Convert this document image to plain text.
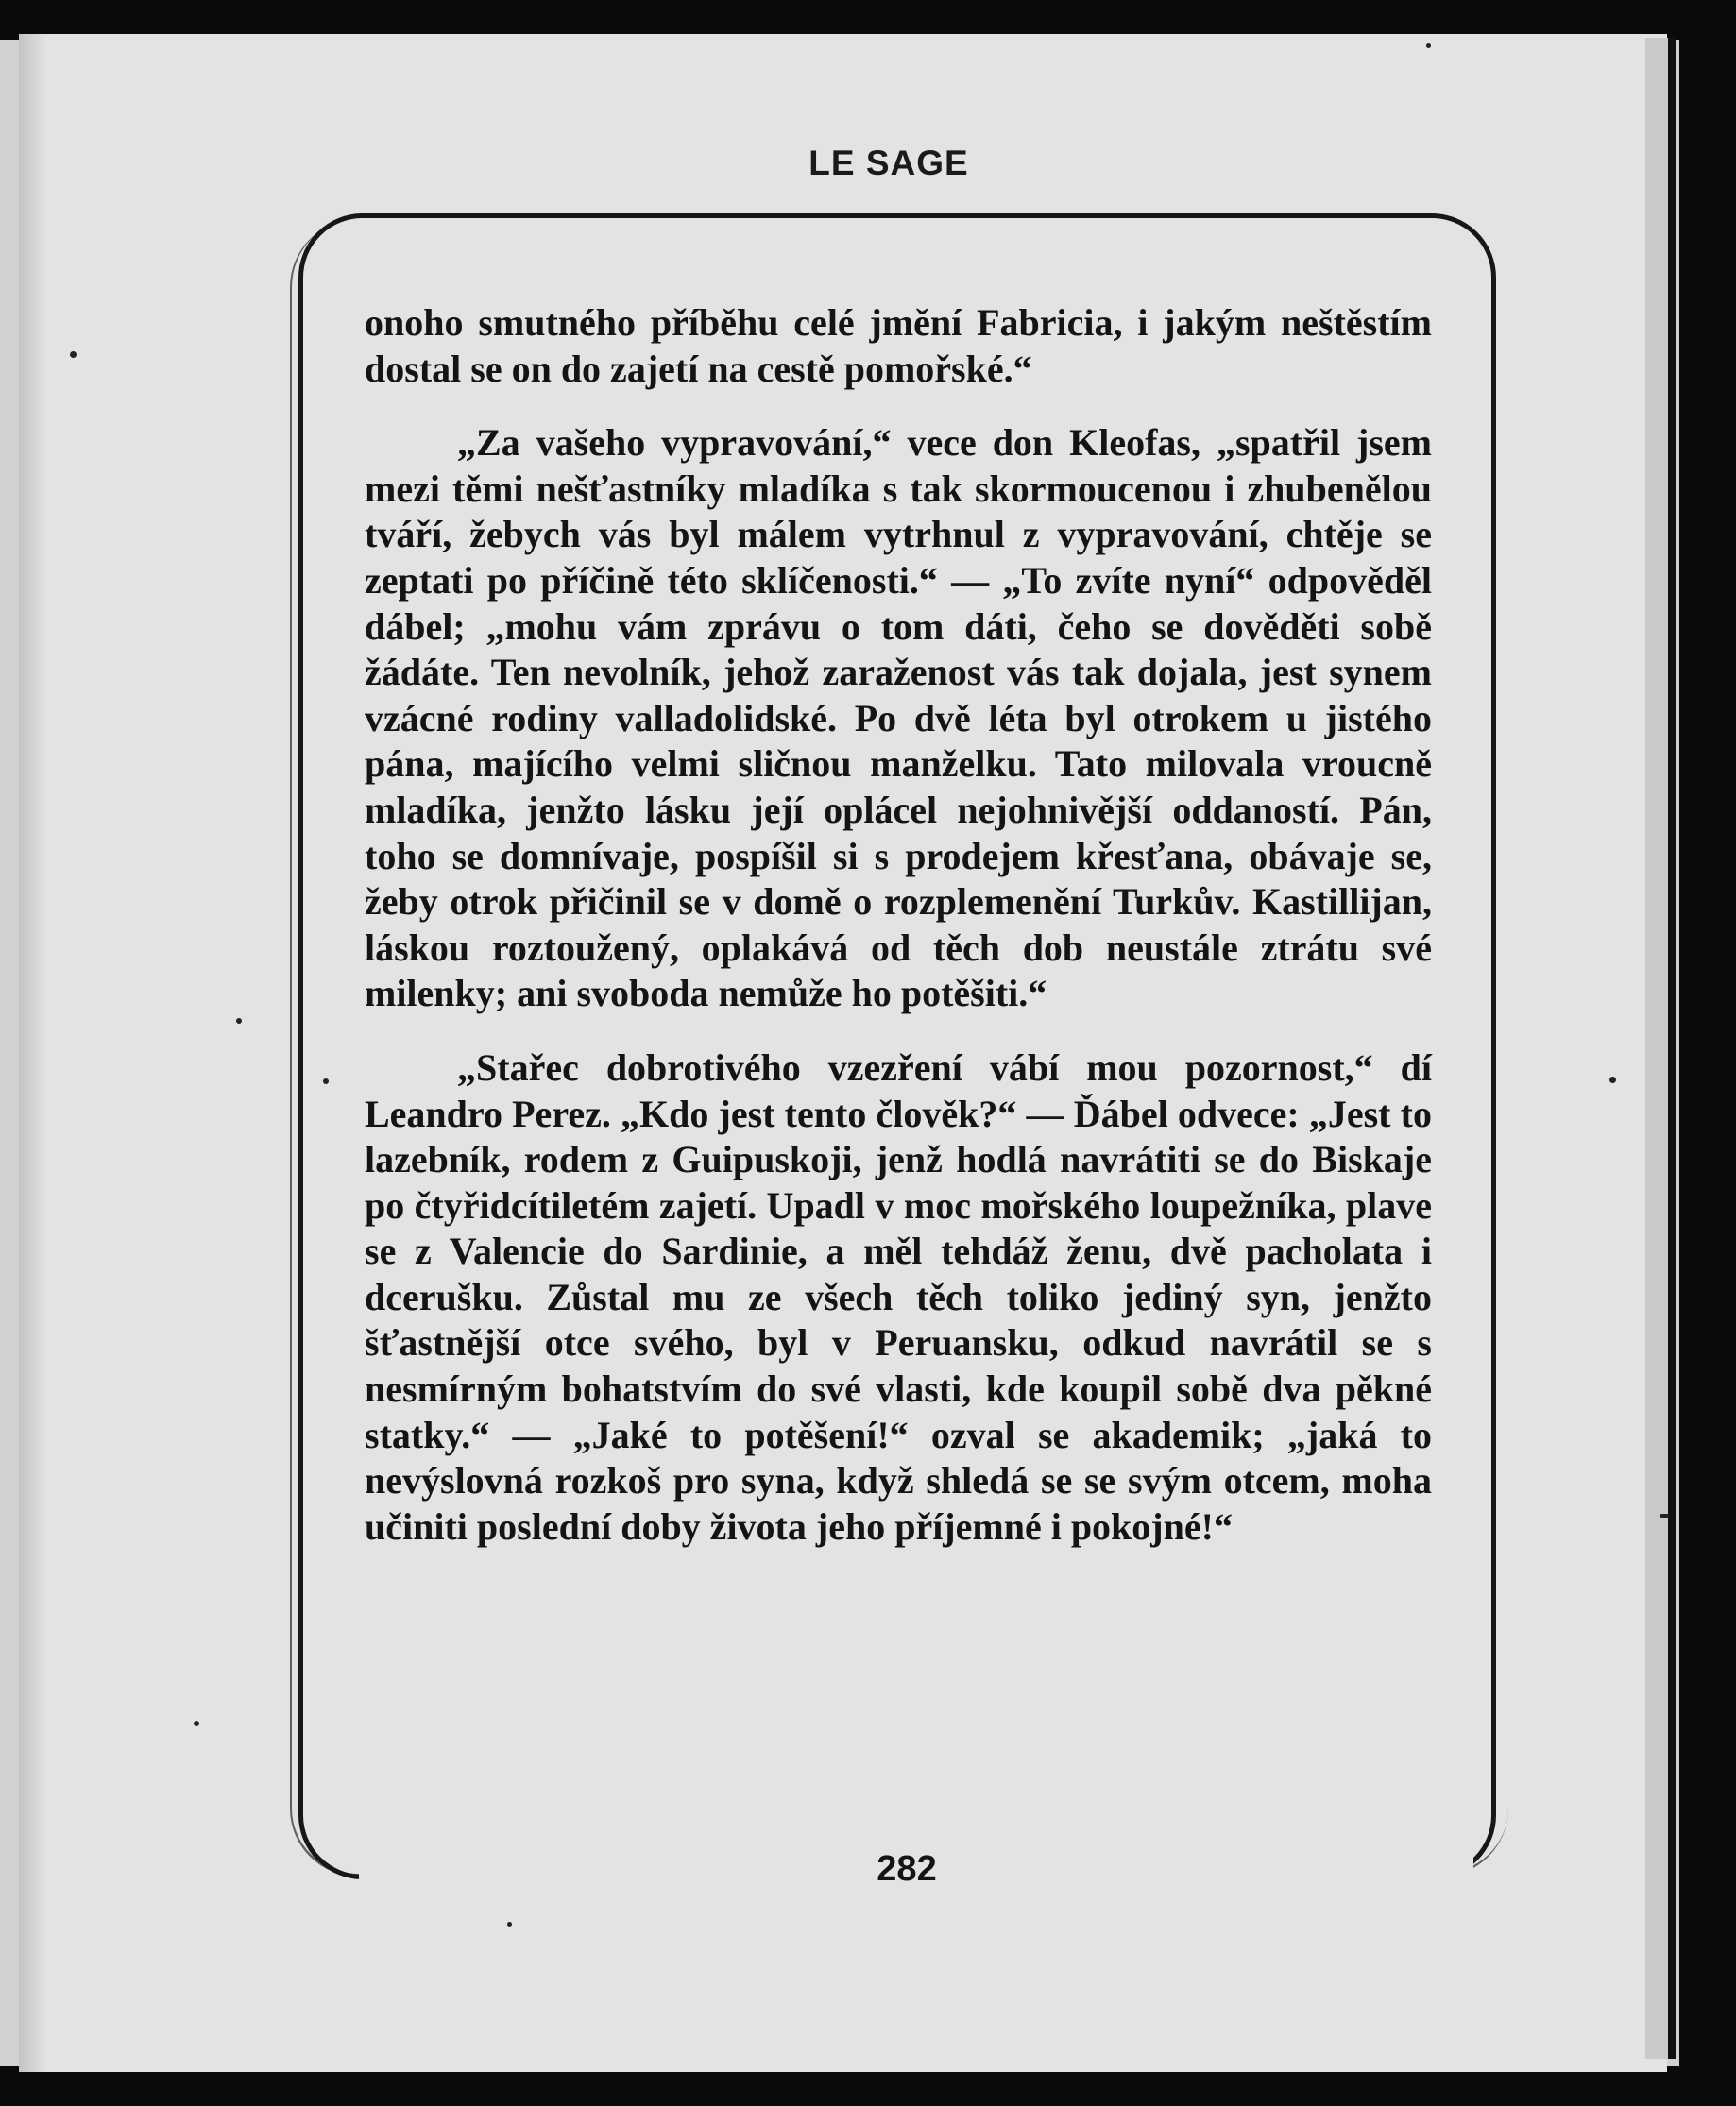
LE SAGE

onoho smutného příběhu celé jmění Fabricia, i jakým neštěstím dostal se on do zajetí na cestě pomořské.“

„Za vašeho vypravování,“ vece don Kleofas, „spatřil jsem mezi těmi nešťastníky mladíka s tak skormoucenou i zhubenělou tváří, žebych vás byl málem vytrhnul z vypravování, chtěje se zeptati po příčině této sklíčenosti.“ — „To zvíte nyní“ odpověděl dábel; „mohu vám zprávu o tom dáti, čeho se dověděti sobě žádáte. Ten nevolník, jehož zaraženost vás tak dojala, jest synem vzácné rodiny valladolidské. Po dvě léta byl otrokem u jistého pána, majícího velmi sličnou manželku. Tato milovala vroucně mladíka, jenžto lásku její oplácel nejohnivější oddaností. Pán, toho se domnívaje, pospíšil si s prodejem křesťana, obávaje se, žeby otrok přičinil se v domě o rozplemenění Turkův. Kastillijan, láskou roztoužený, oplakává od těch dob neustále ztrátu své milenky; ani svoboda nemůže ho potěšiti.“

„Stařec dobrotivého vzezření vábí mou pozornost,“ dí Leandro Perez. „Kdo jest tento člověk?“ — Ďábel odvece: „Jest to lazebník, rodem z Guipuskoji, jenž hodlá navrátiti se do Biskaje po čtyřidcítiletém zajetí. Upadl v moc mořského loupežníka, plave se z Valencie do Sardinie, a měl tehdáž ženu, dvě pacholata i dcerušku. Zůstal mu ze všech těch toliko jediný syn, jenžto šťastnější otce svého, byl v Peruansku, odkud navrátil se s nesmírným bohatstvím do své vlasti, kde koupil sobě dva pěkné statky.“ — „Jaké to potěšení!“ ozval se akademik; „jaká to nevýslovná rozkoš pro syna, když shledá se se svým otcem, moha učiniti poslední doby života jeho příjemné i pokojné!“

282
